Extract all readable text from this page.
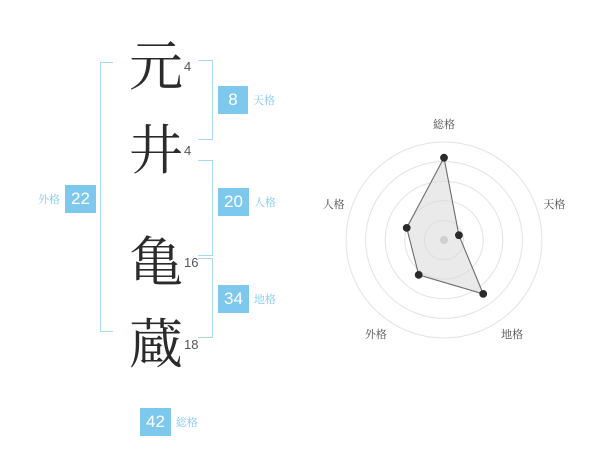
元 4
井 4
亀 16
蔵 18
8	天格
20	人格
34	地格
22
外格
42	総格
総格
天格
地格
外格
人格
